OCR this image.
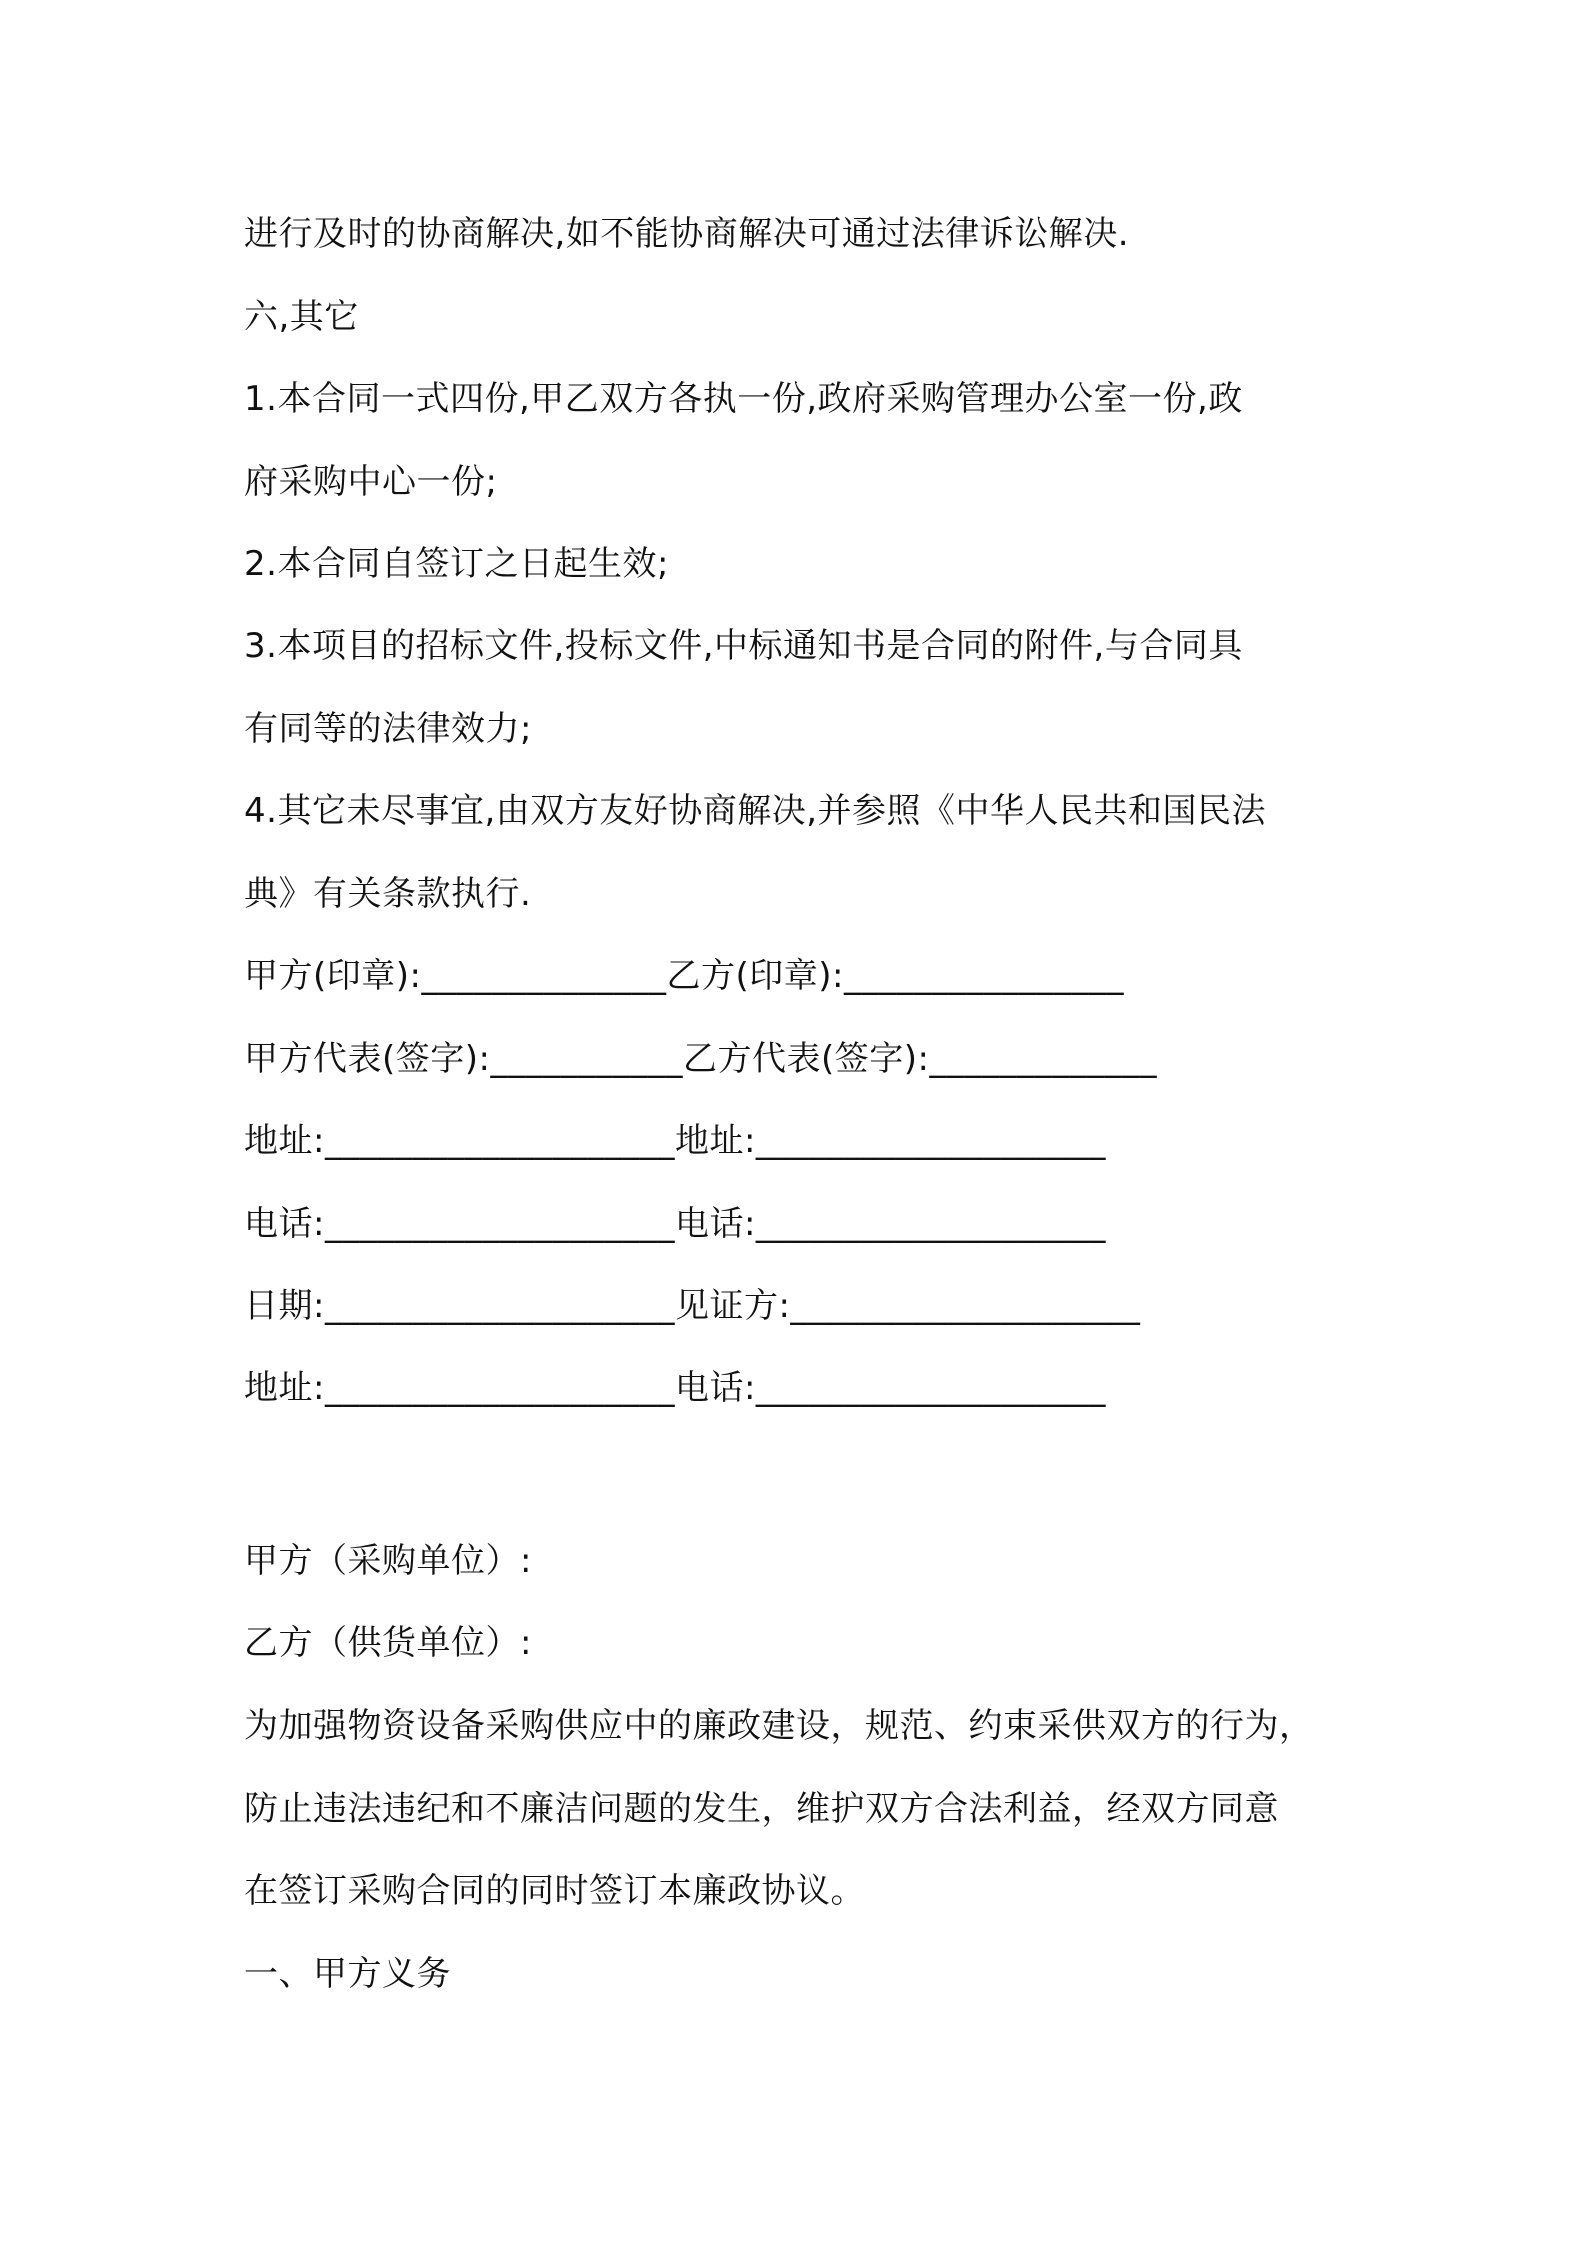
进行及时的协商解决,如不能协商解决可通过法律诉讼解决.
六,其它
1.本合同一式四份,甲乙双方各执一份,政府采购管理办公室一份,政
府采购中心一份;
2.本合同自签订之日起生效;
3.本项目的招标文件,投标文件,中标通知书是合同的附件,与合同具
有同等的法律效力;
4.其它未尽事宜,由双方友好协商解决,并参照《中华人民共和国民法
典》有关条款执行.
甲方(印章):______________乙方(印章):________________
甲方代表(签字):___________乙方代表(签字):_____________
地址:____________________地址:____________________
电话:____________________电话:____________________
日期:____________________见证方:____________________
地址:____________________电话:____________________
甲方（采购单位）:
乙方（供货单位）:
为加强物资设备采购供应中的廉政建设，规范、约束采供双方的行为，
防止违法违纪和不廉洁问题的发生，维护双方合法利益，经双方同意
在签订采购合同的同时签订本廉政协议。
一、甲方义务
